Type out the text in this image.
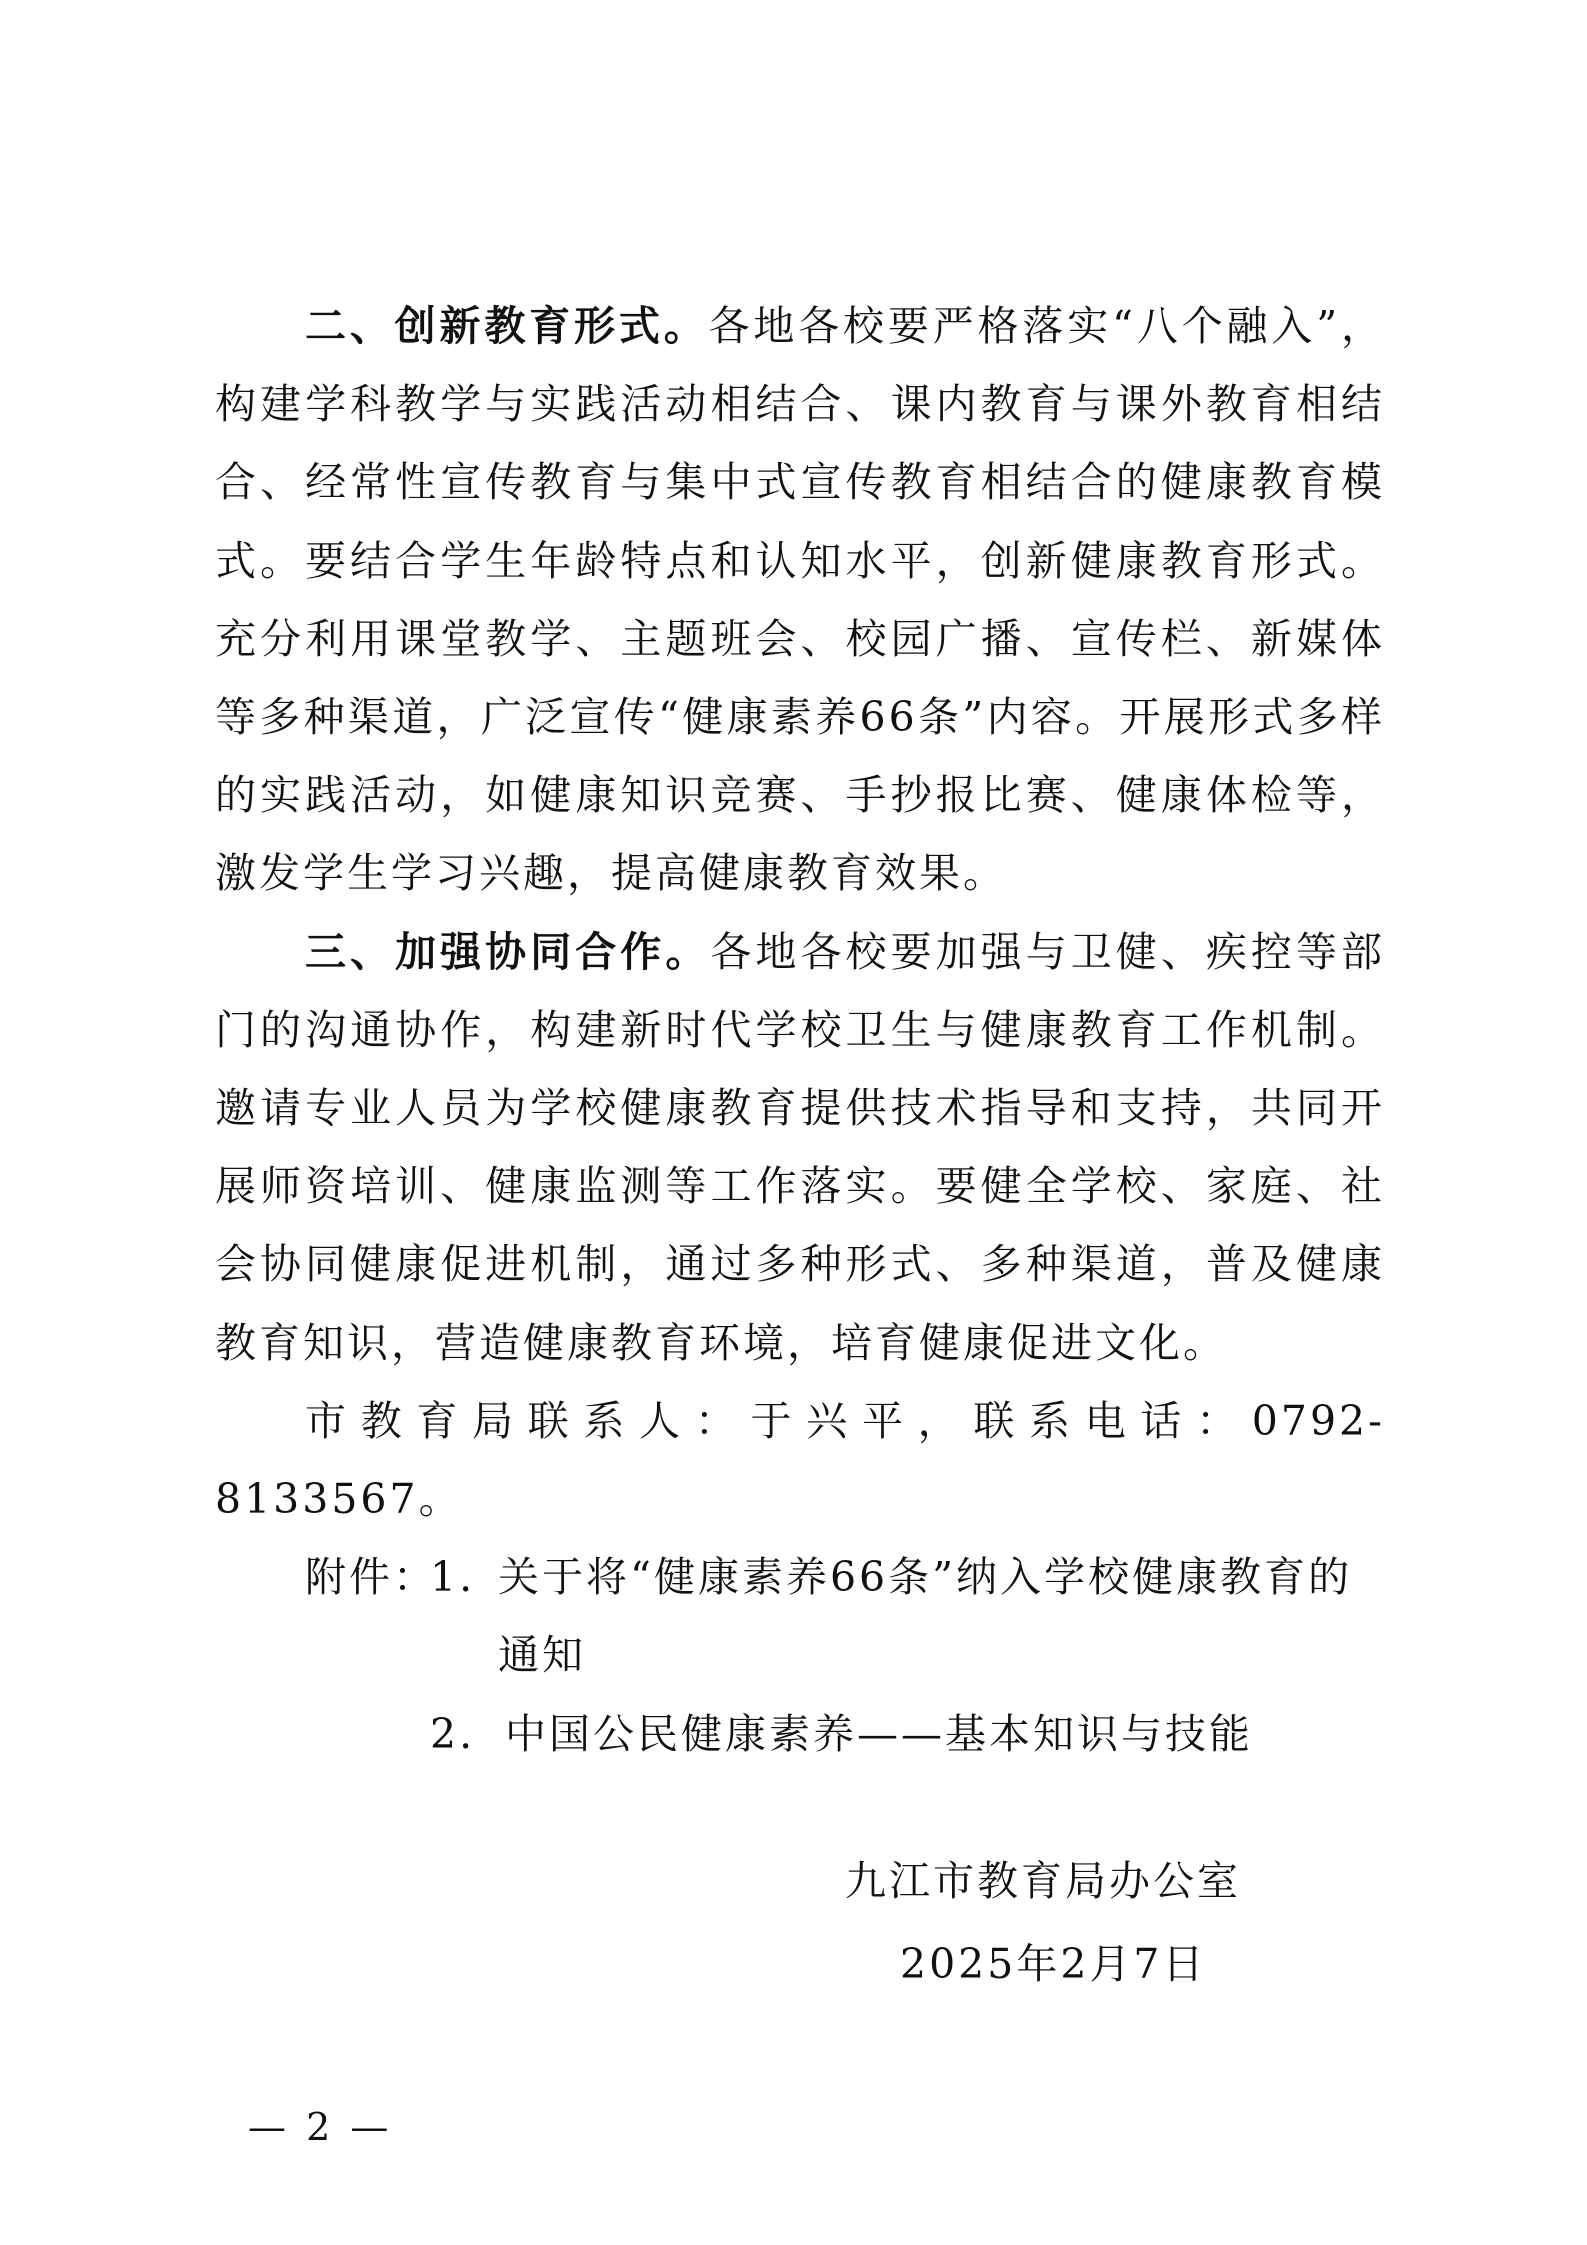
二、创新教育形式。各地各校要严格落实“八个融入”，构建学科教学与实践活动相结合、课内教育与课外教育相结合、经常性宣传教育与集中式宣传教育相结合的健康教育模式。要结合学生年龄特点和认知水平，创新健康教育形式。充分利用课堂教学、主题班会、校园广播、宣传栏、新媒体等多种渠道，广泛宣传“健康素养66条”内容。开展形式多样的实践活动，如健康知识竞赛、手抄报比赛、健康体检等，激发学生学习兴趣，提高健康教育效果。

三、加强协同合作。各地各校要加强与卫健、疾控等部门的沟通协作，构建新时代学校卫生与健康教育工作机制。邀请专业人员为学校健康教育提供技术指导和支持，共同开展师资培训、健康监测等工作落实。要健全学校、家庭、社会协同健康促进机制，通过多种形式、多种渠道，普及健康教育知识，营造健康教育环境，培育健康促进文化。

市教育局联系人：于兴平，联系电话：0792-8133567。

附件：
1. 关于将“健康素养66条”纳入学校健康教育的通知

2. 中国公民健康素养——基本知识与技能

九江市教育局办公室
2025年2月7日
— 2 —
